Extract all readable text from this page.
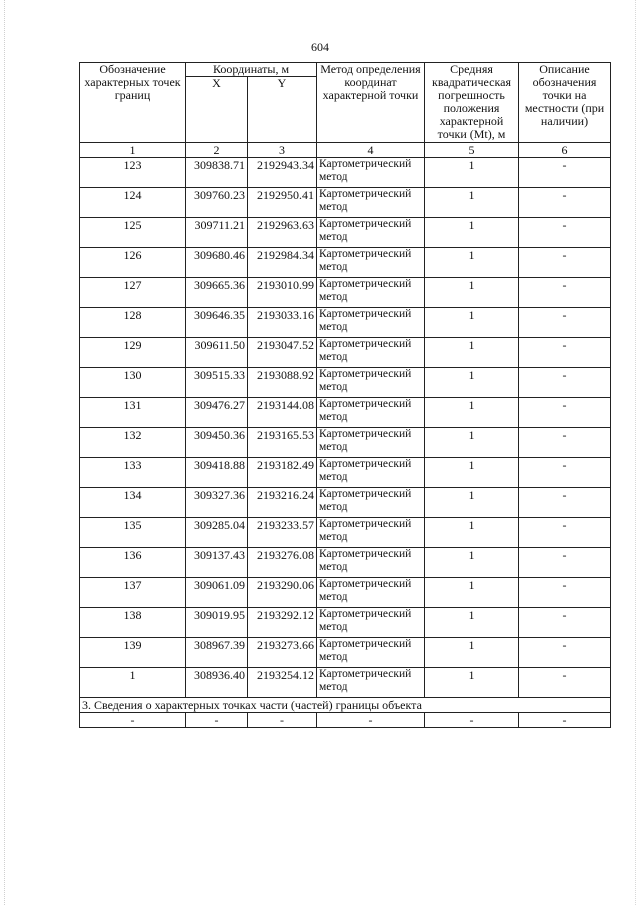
604
Обозначение характерных точек границ	Координаты, м		Метод определения координат характерной точки	Средняя квадратическая погрешность положения характерной точки (Mt), м	Описание обозначения точки на местности (при наличии)
	X	Y			
1	2	3	4	5	6
123	309838.71	2192943.34	Картометрический метод	1	-
124	309760.23	2192950.41	Картометрический метод	1	-
125	309711.21	2192963.63	Картометрический метод	1	-
126	309680.46	2192984.34	Картометрический метод	1	-
127	309665.36	2193010.99	Картометрический метод	1	-
128	309646.35	2193033.16	Картометрический метод	1	-
129	309611.50	2193047.52	Картометрический метод	1	-
130	309515.33	2193088.92	Картометрический метод	1	-
131	309476.27	2193144.08	Картометрический метод	1	-
132	309450.36	2193165.53	Картометрический метод	1	-
133	309418.88	2193182.49	Картометрический метод	1	-
134	309327.36	2193216.24	Картометрический метод	1	-
135	309285.04	2193233.57	Картометрический метод	1	-
136	309137.43	2193276.08	Картометрический метод	1	-
137	309061.09	2193290.06	Картометрический метод	1	-
138	309019.95	2193292.12	Картометрический метод	1	-
139	308967.39	2193273.66	Картометрический метод	1	-
1	308936.40	2193254.12	Картометрический метод	1	-
3. Сведения о характерных точках части (частей) границы объекта					
-	-	-	-	-	-
